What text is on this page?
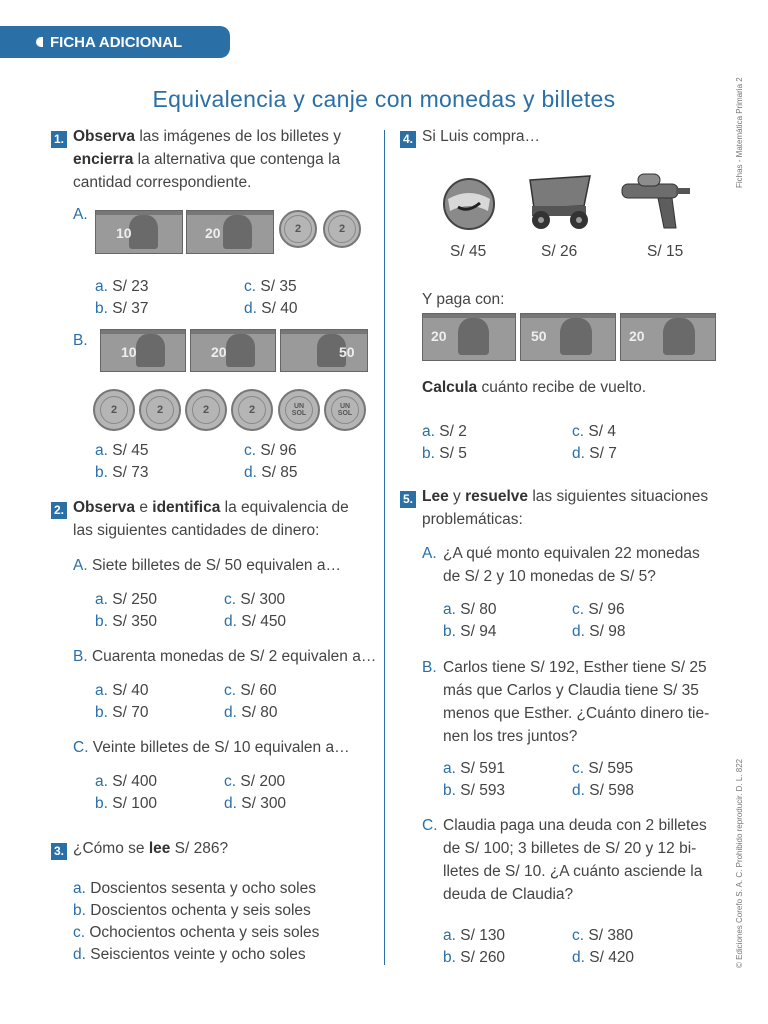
FICHA ADICIONAL
Fichas - Matemática Primaria 2
© Ediciones Corefo S. A. C. Prohibido reproducir. D. L. 822
Equivalencia y canje con monedas y billetes
1. Observa las imágenes de los billetes y
encierra la alternativa que contenga la
cantidad correspondiente.
A.
10	20	2	2
a. S/ 23	c. S/ 35
b. S/ 37	d. S/ 40
B.
10	20	50
2	2	2	2	UN SOL
UN SOL
a. S/ 45	c. S/ 96
b. S/ 73	d. S/ 85
2. Observa e identifica la equivalencia de
las siguientes cantidades de dinero:
A. Siete billetes de S/ 50 equivalen a…
a. S/ 250	c. S/ 300
b. S/ 350	d. S/ 450
B. Cuarenta monedas de S/ 2 equivalen a…
a. S/ 40	c. S/ 60
b. S/ 70	d. S/ 80
C. Veinte billetes de S/ 10 equivalen a…
a. S/ 400	c. S/ 200
b. S/ 100	d. S/ 300
3. ¿Cómo se lee S/ 286?
a. Doscientos sesenta y ocho soles
b. Doscientos ochenta y seis soles
c. Ochocientos ochenta y seis soles
d. Seiscientos veinte y ocho soles
4. Si Luis compra…
S/ 45	S/ 26	S/ 15
Y paga con:
20	50	20
Calcula cuánto recibe de vuelto.
a. S/ 2	c. S/ 4
b. S/ 5	d. S/ 7
5. Lee y resuelve las siguientes situaciones
problemáticas:
A. ¿A qué monto equivalen 22 monedas
de S/ 2 y 10 monedas de S/ 5?
a. S/ 80	c. S/ 96
b. S/ 94	d. S/ 98
B. Carlos tiene S/ 192, Esther tiene S/ 25
más que Carlos y Claudia tiene S/ 35
menos que Esther. ¿Cuánto dinero tie-
nen los tres juntos?
a. S/ 591	c. S/ 595
b. S/ 593	d. S/ 598
C. Claudia paga una deuda con 2 billetes
de S/ 100; 3 billetes de S/ 20 y 12 bi-
lletes de S/ 10. ¿A cuánto asciende la
deuda de Claudia?
a. S/ 130	c. S/ 380
b. S/ 260	d. S/ 420
